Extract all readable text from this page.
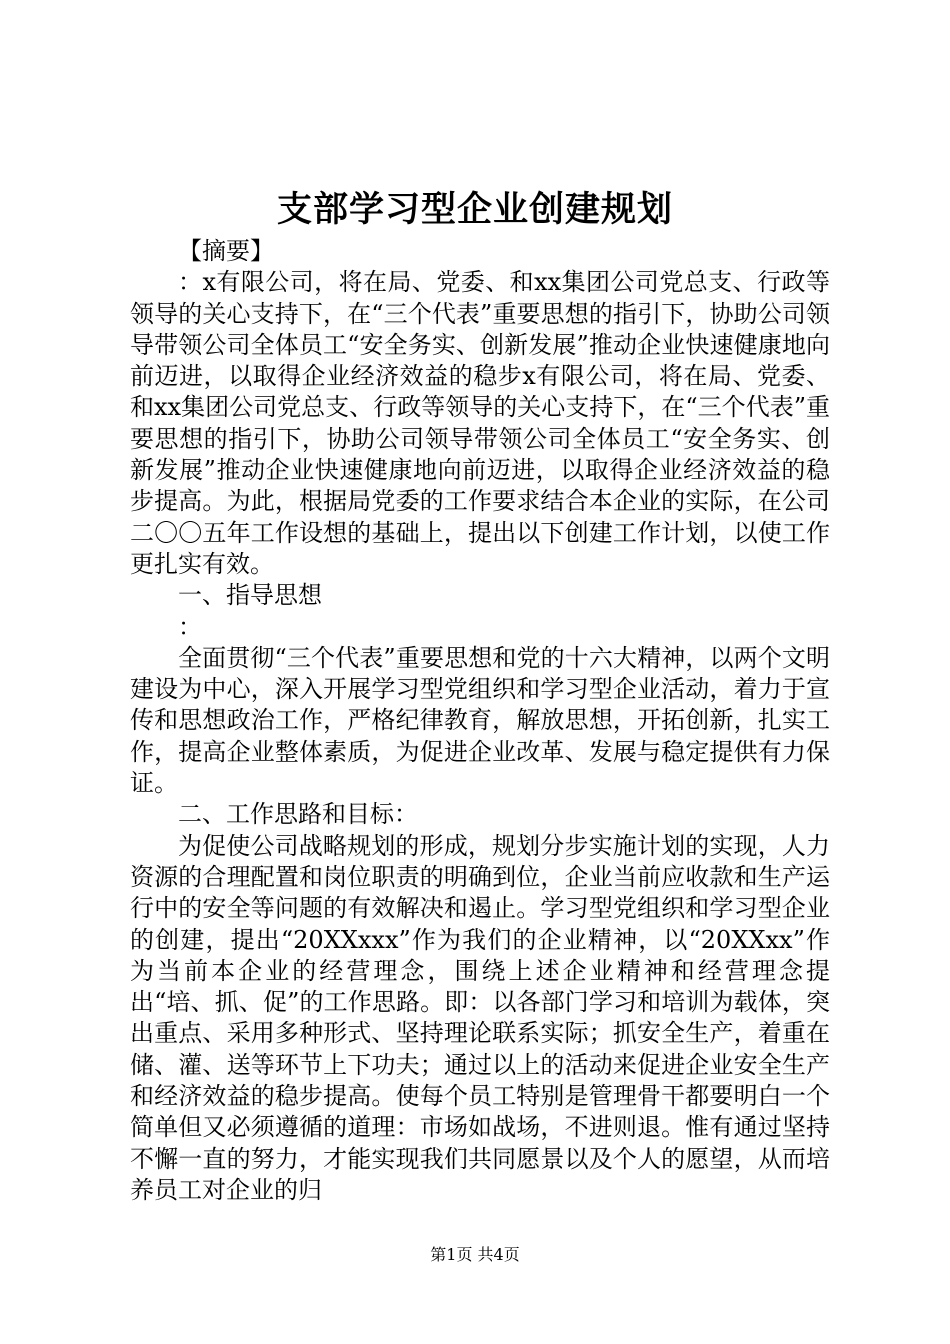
支部学习型企业创建规划

【摘要】

：x有限公司，将在局、党委、和xx集团公司党总支、行政等领导的关心支持下，在“三个代表”重要思想的指引下，协助公司领导带领公司全体员工“安全务实、创新发展”推动企业快速健康地向前迈进，以取得企业经济效益的稳步x有限公司，将在局、党委、和xx集团公司党总支、行政等领导的关心支持下，在“三个代表”重要思想的指引下，协助公司领导带领公司全体员工“安全务实、创新发展”推动企业快速健康地向前迈进，以取得企业经济效益的稳步提高。为此，根据局党委的工作要求结合本企业的实际，在公司二〇〇五年工作设想的基础上，提出以下创建工作计划，以使工作更扎实有效。

一、指导思想

：

全面贯彻“三个代表”重要思想和党的十六大精神，以两个文明建设为中心，深入开展学习型党组织和学习型企业活动，着力于宣传和思想政治工作，严格纪律教育，解放思想，开拓创新，扎实工作，提高企业整体素质，为促进企业改革、发展与稳定提供有力保证。

二、工作思路和目标：

为促使公司战略规划的形成，规划分步实施计划的实现，人力资源的合理配置和岗位职责的明确到位，企业当前应收款和生产运行中的安全等问题的有效解决和遏止。学习型党组织和学习型企业的创建，提出“20XXxxx”作为我们的企业精神，以“20XXxx”作为当前本企业的经营理念，围绕上述企业精神和经营理念提出“培、抓、促”的工作思路。即：以各部门学习和培训为载体，突出重点、采用多种形式、坚持理论联系实际；抓安全生产，着重在储、灌、送等环节上下功夫；通过以上的活动来促进企业安全生产和经济效益的稳步提高。使每个员工特别是管理骨干都要明白一个简单但又必须遵循的道理：市场如战场，不进则退。惟有通过坚持不懈一直的努力，才能实现我们共同愿景以及个人的愿望，从而培养员工对企业的归

第1页 共4页
